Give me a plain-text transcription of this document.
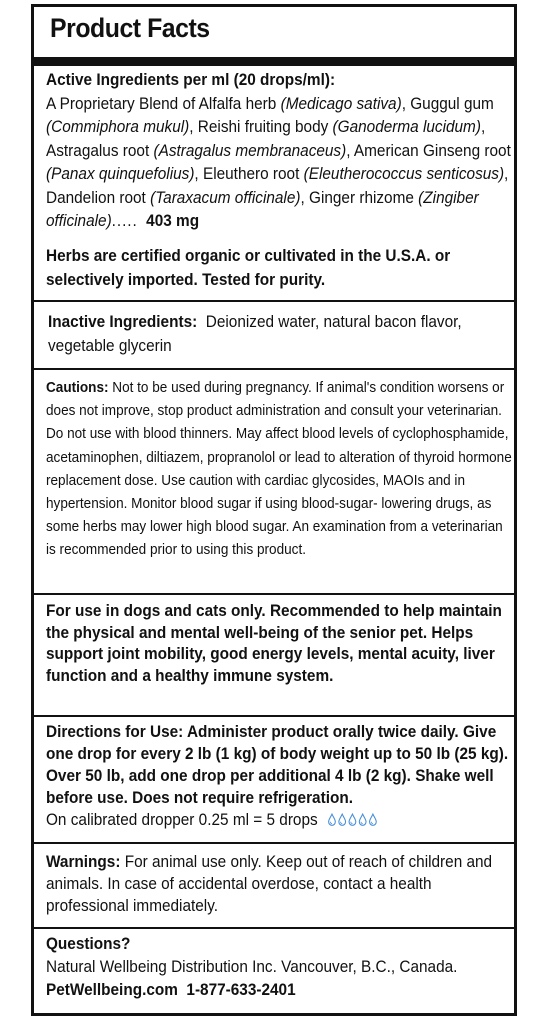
Product Facts
Active Ingredients per ml (20 drops/ml):
A Proprietary Blend of Alfalfa herb (Medicago sativa), Guggul gum (Commiphora mukul), Reishi fruiting body (Ganoderma lucidum), Astragalus root (Astragalus membranaceus), American Ginseng root (Panax quinquefolius), Eleuthero root (Eleutherococcus senticosus), Dandelion root (Taraxacum officinale), Ginger rhizome (Zingiber officinale)..... 403 mg
Herbs are certified organic or cultivated in the U.S.A. or selectively imported. Tested for purity.
Inactive Ingredients: Deionized water, natural bacon flavor, vegetable glycerin
Cautions: Not to be used during pregnancy. If animal's condition worsens or does not improve, stop product administration and consult your veterinarian. Do not use with blood thinners. May affect blood levels of cyclophosphamide, acetaminophen, diltiazem, propranolol or lead to alteration of thyroid hormone replacement dose. Use caution with cardiac glycosides, MAOIs and in hypertension. Monitor blood sugar if using blood-sugar- lowering drugs, as some herbs may lower high blood sugar. An examination from a veterinarian is recommended prior to using this product.
For use in dogs and cats only. Recommended to help maintain the physical and mental well-being of the senior pet. Helps support joint mobility, good energy levels, mental acuity, liver function and a healthy immune system.
Directions for Use: Administer product orally twice daily. Give one drop for every 2 lb (1 kg) of body weight up to 50 lb (25 kg). Over 50 lb, add one drop per additional 4 lb (2 kg). Shake well before use. Does not require refrigeration.
On calibrated dropper 0.25 ml = 5 drops
Warnings: For animal use only. Keep out of reach of children and animals. In case of accidental overdose, contact a health professional immediately.
Questions?
Natural Wellbeing Distribution Inc. Vancouver, B.C., Canada. PetWellbeing.com 1-877-633-2401
